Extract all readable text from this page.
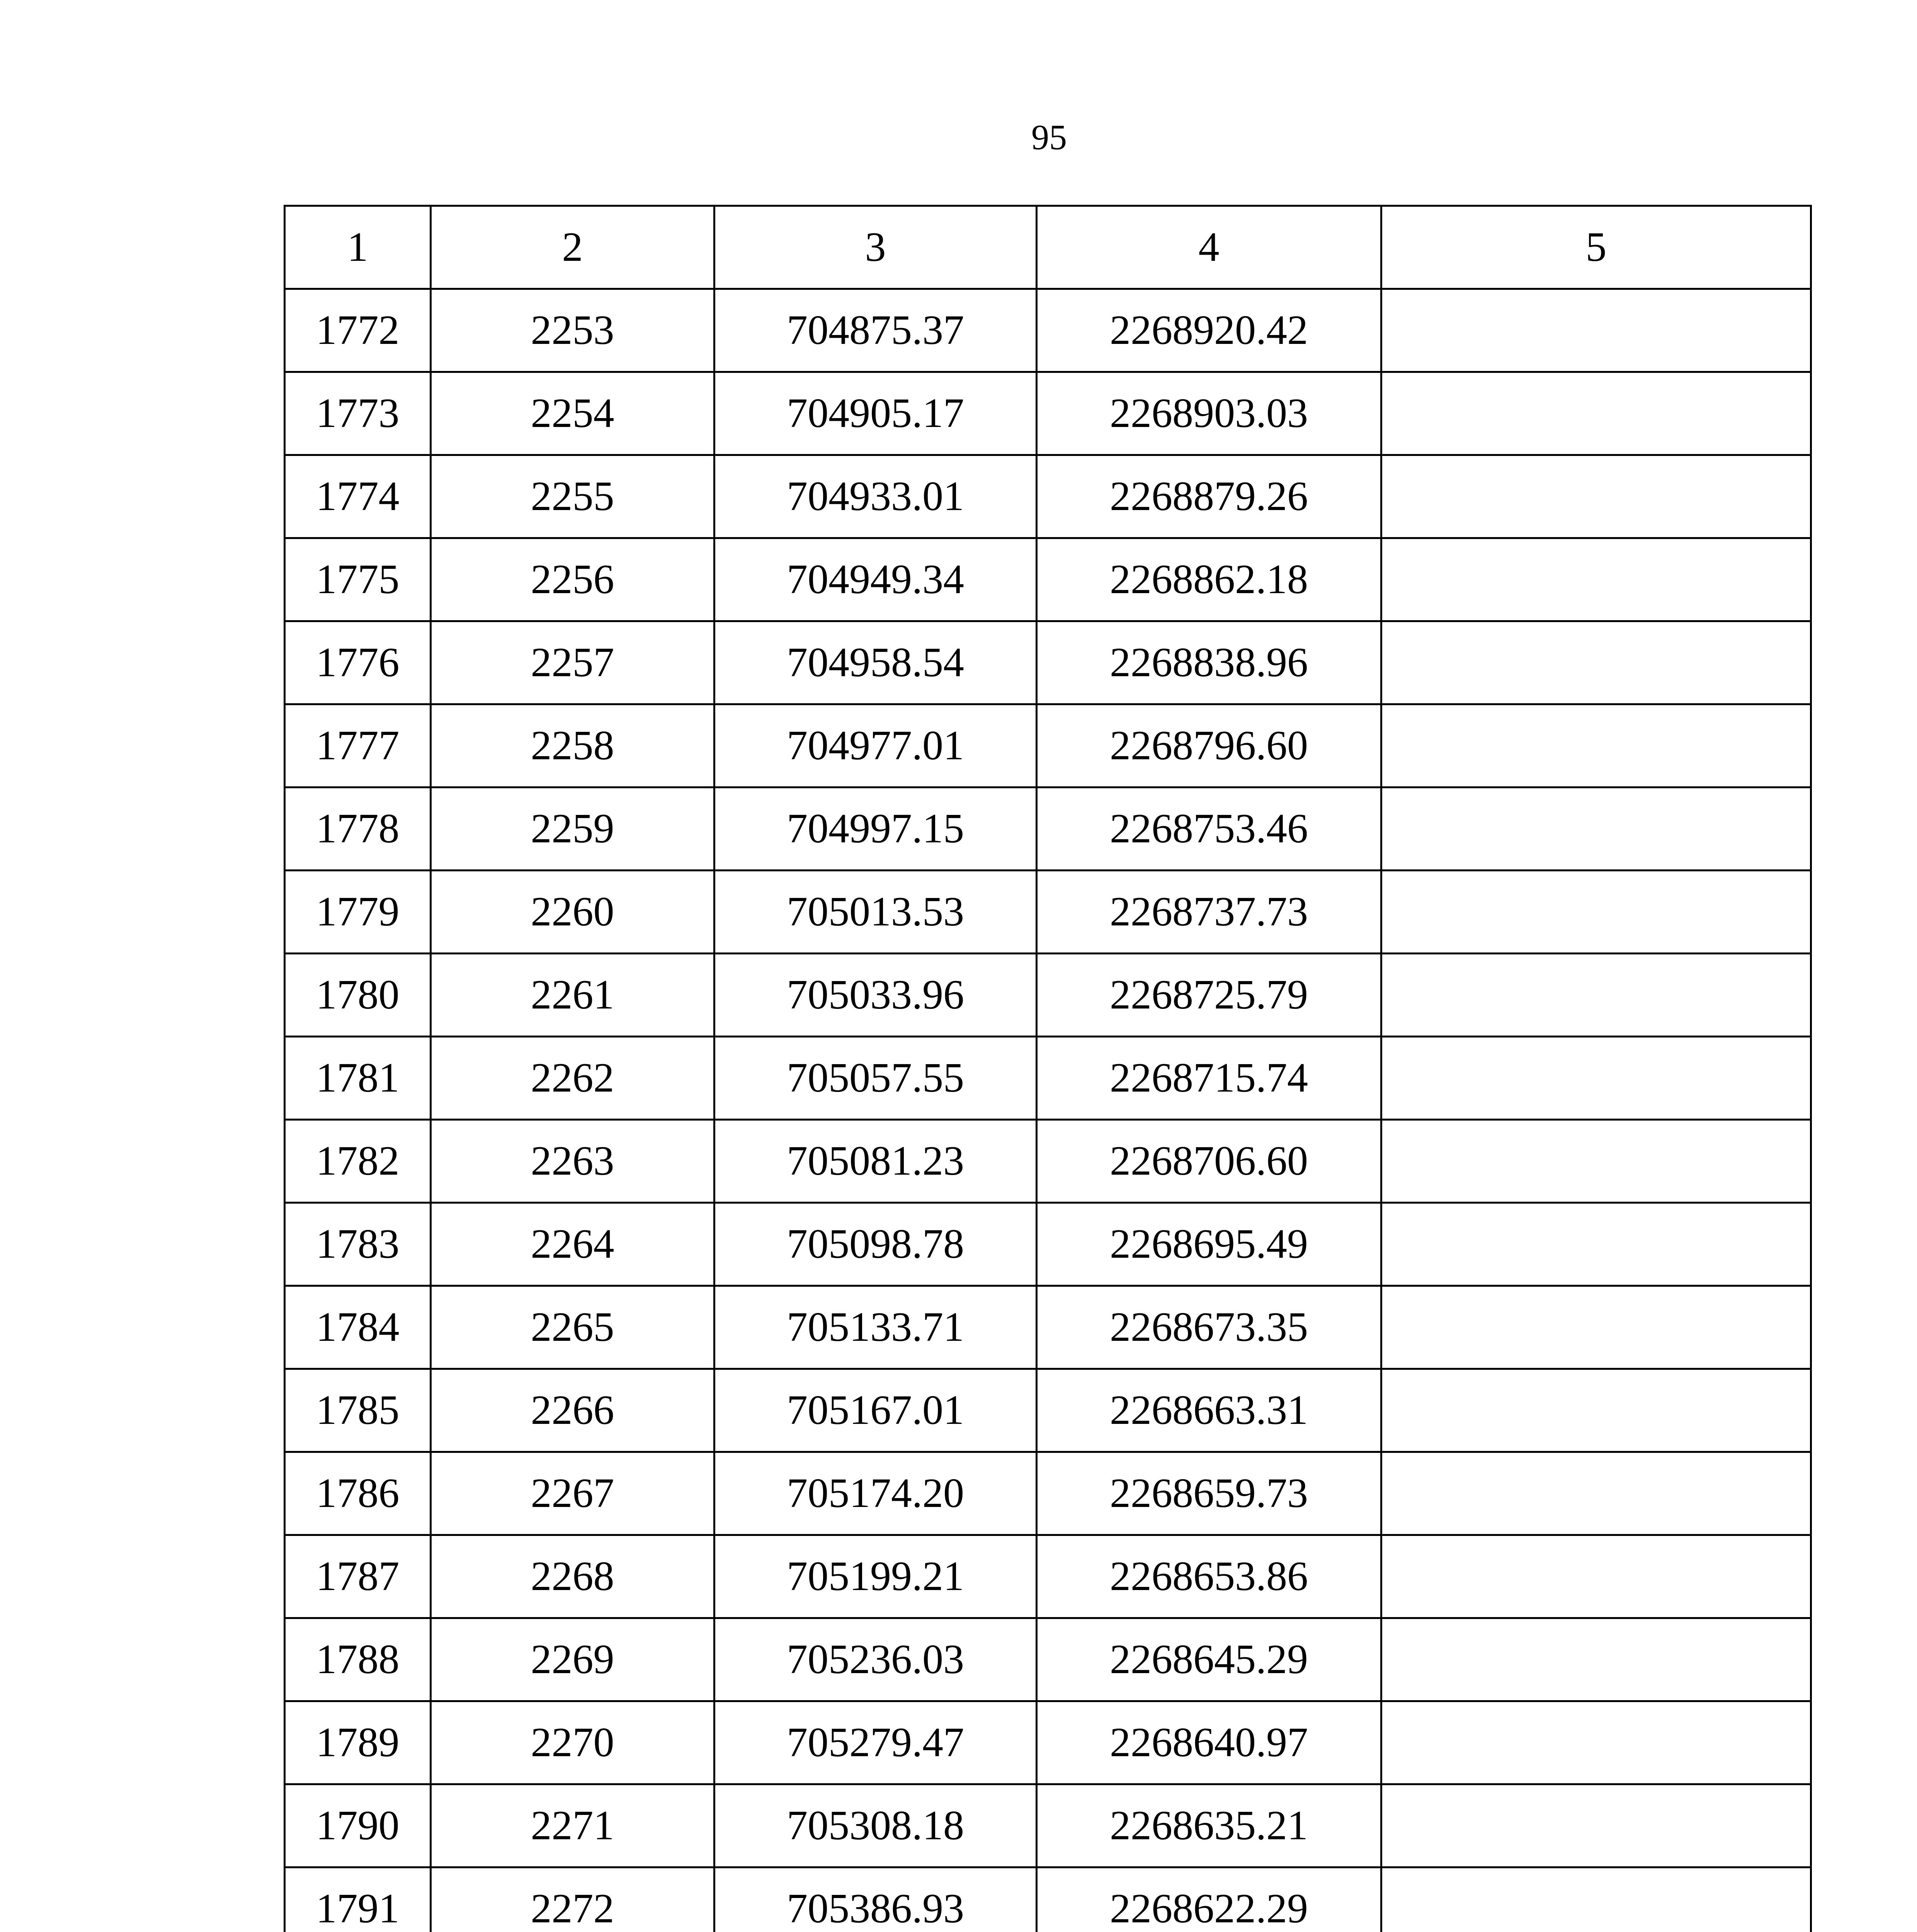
95
1	2	3	4	5
1772	2253	704875.37	2268920.42	
1773	2254	704905.17	2268903.03	
1774	2255	704933.01	2268879.26	
1775	2256	704949.34	2268862.18	
1776	2257	704958.54	2268838.96	
1777	2258	704977.01	2268796.60	
1778	2259	704997.15	2268753.46	
1779	2260	705013.53	2268737.73	
1780	2261	705033.96	2268725.79	
1781	2262	705057.55	2268715.74	
1782	2263	705081.23	2268706.60	
1783	2264	705098.78	2268695.49	
1784	2265	705133.71	2268673.35	
1785	2266	705167.01	2268663.31	
1786	2267	705174.20	2268659.73	
1787	2268	705199.21	2268653.86	
1788	2269	705236.03	2268645.29	
1789	2270	705279.47	2268640.97	
1790	2271	705308.18	2268635.21	
1791	2272	705386.93	2268622.29	
